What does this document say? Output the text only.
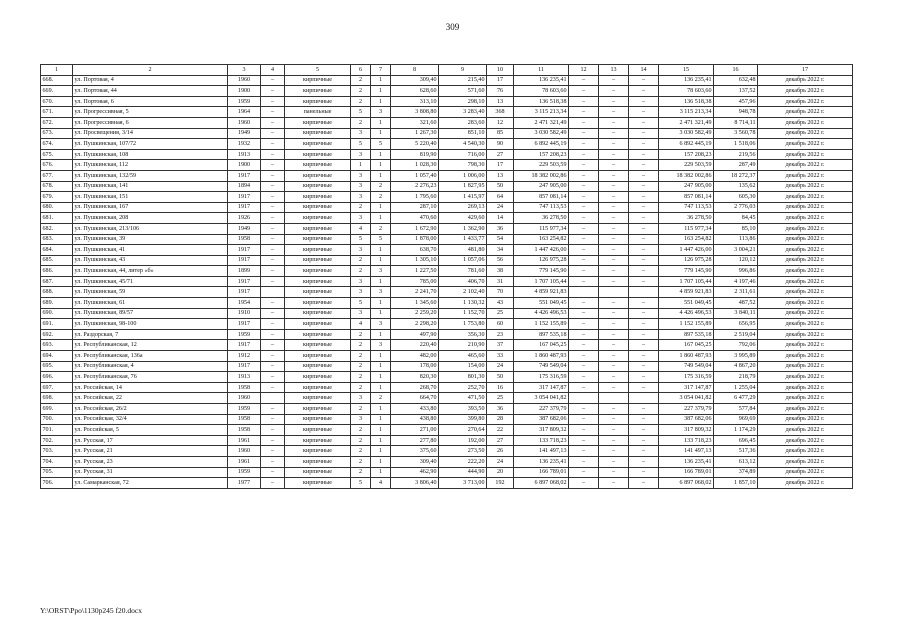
309
1	2	3	4	5	6	7	8	9	10	11	12	13	14	15	16	17
668.	ул. Портовая, 4	1960	–	кирпичные	2	1	309,40	215,40	17	136 235,41	–	–	–	136 235,41	632,48	декабрь 2022 г.
669.	ул. Портовая, 44	1900	–	кирпичные	2	1	628,60	571,60	76	78 603,60	–	–	–	78 603,60	137,52	декабрь 2022 г.
670.	ул. Портовая, 6	1959	–	кирпичные	2	1	313,10	298,10	13	136 518,38	–	–	–	136 518,38	457,96	декабрь 2022 г.
671.	ул. Прогрессивная, 5	1964	–	панельные	5	3	3 808,80	3 283,40	368	3 115 213,34	–	–	–	3 115 213,34	948,78	декабрь 2022 г.
672.	ул. Прогрессивная, 6	1960	–	кирпичные	2	1	321,60	283,60	12	2 471 321,49	–	–	–	2 471 321,49	8 714,11	декабрь 2022 г.
673.	ул. Просвещения, 3/14	1949	–	кирпичные	3	1	1 267,30	851,10	85	3 030 582,49	–	–	–	3 030 582,49	3 560,78	декабрь 2022 г.
674.	ул. Пушкинская, 107/72	1932	–	кирпичные	5	5	5 220,40	4 540,30	90	6 892 445,19	–	–	–	6 892 445,19	1 518,06	декабрь 2022 г.
675.	ул. Пушкинская, 108	1913	–	кирпичные	3	1	819,90	716,00	27	157 208,23	–	–	–	157 208,23	219,56	декабрь 2022 г.
676.	ул. Пушкинская, 112	1900	–	кирпичные	1	1	1 028,30	798,30	17	229 503,59	–	–	–	229 503,59	287,49	декабрь 2022 г.
677.	ул. Пушкинская, 132/59	1917	–	кирпичные	3	1	1 057,40	1 006,00	13	18 382 002,86	–	–	–	18 382 002,86	18 272,37	декабрь 2022 г.
678.	ул. Пушкинская, 141	1894	–	кирпичные	3	2	2 276,23	1 827,95	50	247 905,00	–	–	–	247 905,00	135,62	декабрь 2022 г.
679.	ул. Пушкинская, 151	1917	–	кирпичные	3	2	1 795,60	1 415,97	64	857 081,14	–	–	–	857 081,14	605,30	декабрь 2022 г.
680.	ул. Пушкинская, 167	1917	–	кирпичные	2	1	287,10	269,13	24	747 113,53	–	–	–	747 113,53	2 776,03	декабрь 2022 г.
681.	ул. Пушкинская, 208	1926	–	кирпичные	3	1	470,60	429,60	14	36 278,50	–	–	–	36 278,50	84,45	декабрь 2022 г.
682.	ул. Пушкинская, 213/106	1949	–	кирпичные	4	2	1 672,90	1 362,90	36	115 977,34	–	–	–	115 977,34	85,10	декабрь 2022 г.
683.	ул. Пушкинская, 39	1958	–	кирпичные	5	5	1 878,00	1 433,77	54	163 254,82	–	–	–	163 254,82	113,86	декабрь 2022 г.
684.	ул. Пушкинская, 41	1917	–	кирпичные	3	1	638,70	481,80	34	1 447 426,00	–	–	–	1 447 426,00	3 004,21	декабрь 2022 г.
685.	ул. Пушкинская, 43	1917	–	кирпичные	2	1	1 305,10	1 057,06	56	126 975,28	–	–	–	126 975,28	120,12	декабрь 2022 г.
686.	ул. Пушкинская, 44, литер «б»	1899	–	кирпичные	2	3	1 227,50	781,60	38	779 145,90	–	–	–	779 145,90	996,86	декабрь 2022 г.
687.	ул. Пушкинская, 45/71	1917	–	кирпичные	3	1	785,00	406,70	31	1 707 105,44	–	–	–	1 707 105,44	4 197,46	декабрь 2022 г.
688.	ул. Пушкинская, 59	1917		кирпичные	3	3	2 241,70	2 102,40	70	4 859 921,83				4 859 921,83	2 311,61	декабрь 2022 г.
689.	ул. Пушкинская, 61	1954	–	кирпичные	5	1	1 345,60	1 130,32	43	551 049,45	–	–	–	551 049,45	487,52	декабрь 2022 г.
690.	ул. Пушкинская, 89/57	1910	–	кирпичные	3	1	2 259,20	1 152,70	25	4 426 496,53	–	–	–	4 426 496,53	3 840,11	декабрь 2022 г.
691.	ул. Пушкинская, 98-100	1917	–	кирпичные	4	3	2 298,20	1 753,80	60	1 152 155,89	–	–	–	1 152 155,89	656,95	декабрь 2022 г.
692.	ул. Раздорская, 7	1959	–	кирпичные	2	1	497,90	356,30	23	897 535,18	–	–	–	897 535,18	2 519,04	декабрь 2022 г.
693.	ул. Республиканская, 12	1917	–	кирпичные	2	3	220,40	210,90	37	167 045,25	–	–	–	167 045,25	792,06	декабрь 2022 г.
694.	ул. Республиканская, 136а	1912	–	кирпичные	2	1	482,00	465,60	33	1 860 487,93	–	–	–	1 860 487,93	3 995,89	декабрь 2022 г.
695.	ул. Республиканская, 4	1917	–	кирпичные	2	1	178,00	154,00	24	749 549,04	–	–	–	749 549,04	4 867,20	декабрь 2022 г.
696.	ул. Республиканская, 76	1913	–	кирпичные	2	1	820,30	801,30	50	175 316,59	–	–	–	175 316,59	218,79	декабрь 2022 г.
697.	ул. Российская, 14	1958	–	кирпичные	2	1	268,70	252,70	16	317 147,87	–	–	–	317 147,87	1 255,04	декабрь 2022 г.
698.	ул. Российская, 22	1960		кирпичные	3	2	664,70	471,50	25	3 054 041,82				3 054 041,82	6 477,29	декабрь 2022 г.
699.	ул. Российская, 26/2	1959	–	кирпичные	2	1	433,80	393,50	36	227 379,79	–	–	–	227 379,79	577,84	декабрь 2022 г.
700.	ул. Российская, 32/4	1958	–	кирпичные	3	1	438,80	399,80	28	387 682,06	–	–	–	387 682,06	969,69	декабрь 2022 г.
701.	ул. Российская, 5	1958	–	кирпичные	2	1	271,00	270,64	22	317 809,32	–	–	–	317 809,32	1 174,29	декабрь 2022 г.
702.	ул. Русская, 17	1961	–	кирпичные	2	1	277,80	192,00	27	133 718,23	–	–	–	133 718,23	696,45	декабрь 2022 г.
703.	ул. Русская, 21	1960	–	кирпичные	2	1	375,60	273,50	26	141 497,13	–	–	–	141 497,13	517,36	декабрь 2022 г.
704.	ул. Русская, 23	1961	–	кирпичные	2	1	309,40	222,20	24	136 235,41	–	–	–	136 235,41	613,12	декабрь 2022 г.
705.	ул. Русская, 31	1959	–	кирпичные	2	1	462,90	444,90	20	166 789,01	–	–	–	166 789,01	374,89	декабрь 2022 г.
706.	ул. Самарканская, 72	1977	–	кирпичные	5	4	3 806,40	3 713,00	192	6 897 068,02	–	–	–	6 897 068,02	1 857,10	декабрь 2022 г.
Y:\ORST\Ppo\1130p245 f20.docx
